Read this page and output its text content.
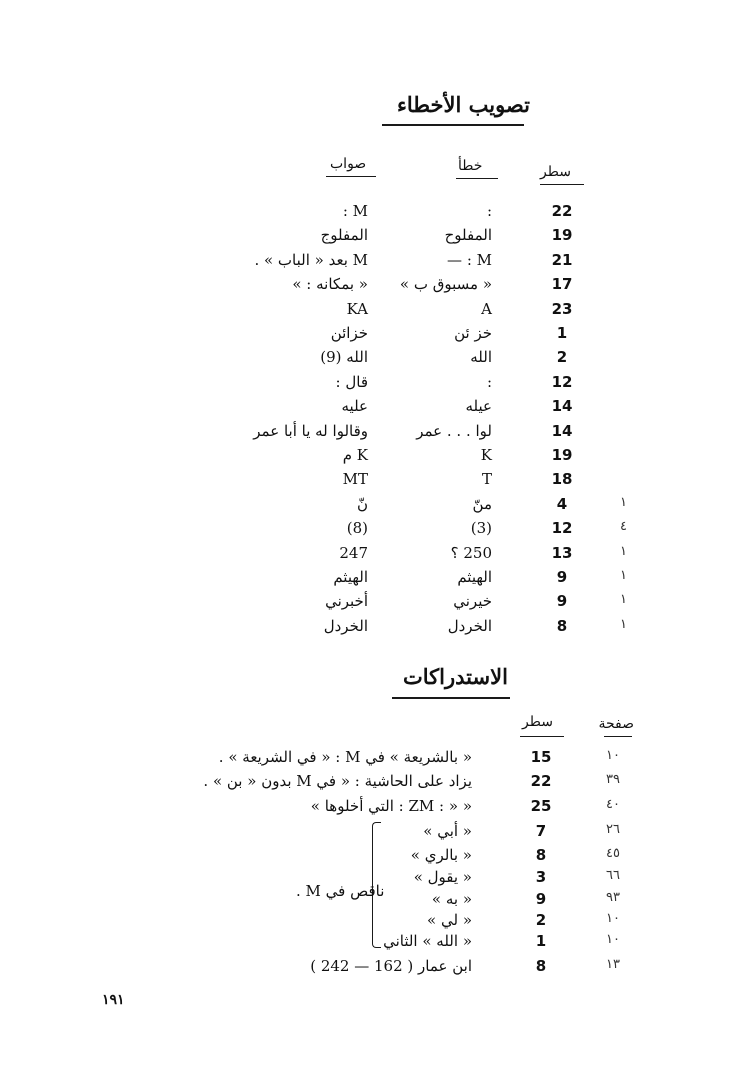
تصويب الأخطاء
سطر
خطأ
صواب
22
:
M :
19
المفلوح
المفلوج
21
M : —
M بعد « الباب » .
17
« مسبوق ب »
« بمكانه : »
23
A
KA
1
خز ئن
خزائن
2
الله
الله (9)
12
:
قال :
14
عيله
عليه
14
لوا . . . عمر
وقالوا له يا أبا عمر
19
K
K م
18
T
MT
4
منّ
نّ
12
(3)
(8)
13
250 ؟
247
9
الهيثم
الهيثم
9
خيرني
أخبرني
8
الخردل
الخردل
١
٤
١
١
١
١
الاستدراكات
سطر	صفحة
١٠
15
« بالشريعة » في M : « في الشريعة » .
٣٩
22
يزاد على الحاشية : « في M بدون « بن » .
٤٠
25
« « : ZM : التي أخلوها »
٢٦
7
« أبي »
٤٥
8
« بالري »
٦٦
3
« يقول »
٩٣
9
« به »
١٠
2
« لي »
١٠
1
« الله » الثاني
١٣
8
ابن عمار ( 162 — 242 )
ناقص في M .
١٩١
